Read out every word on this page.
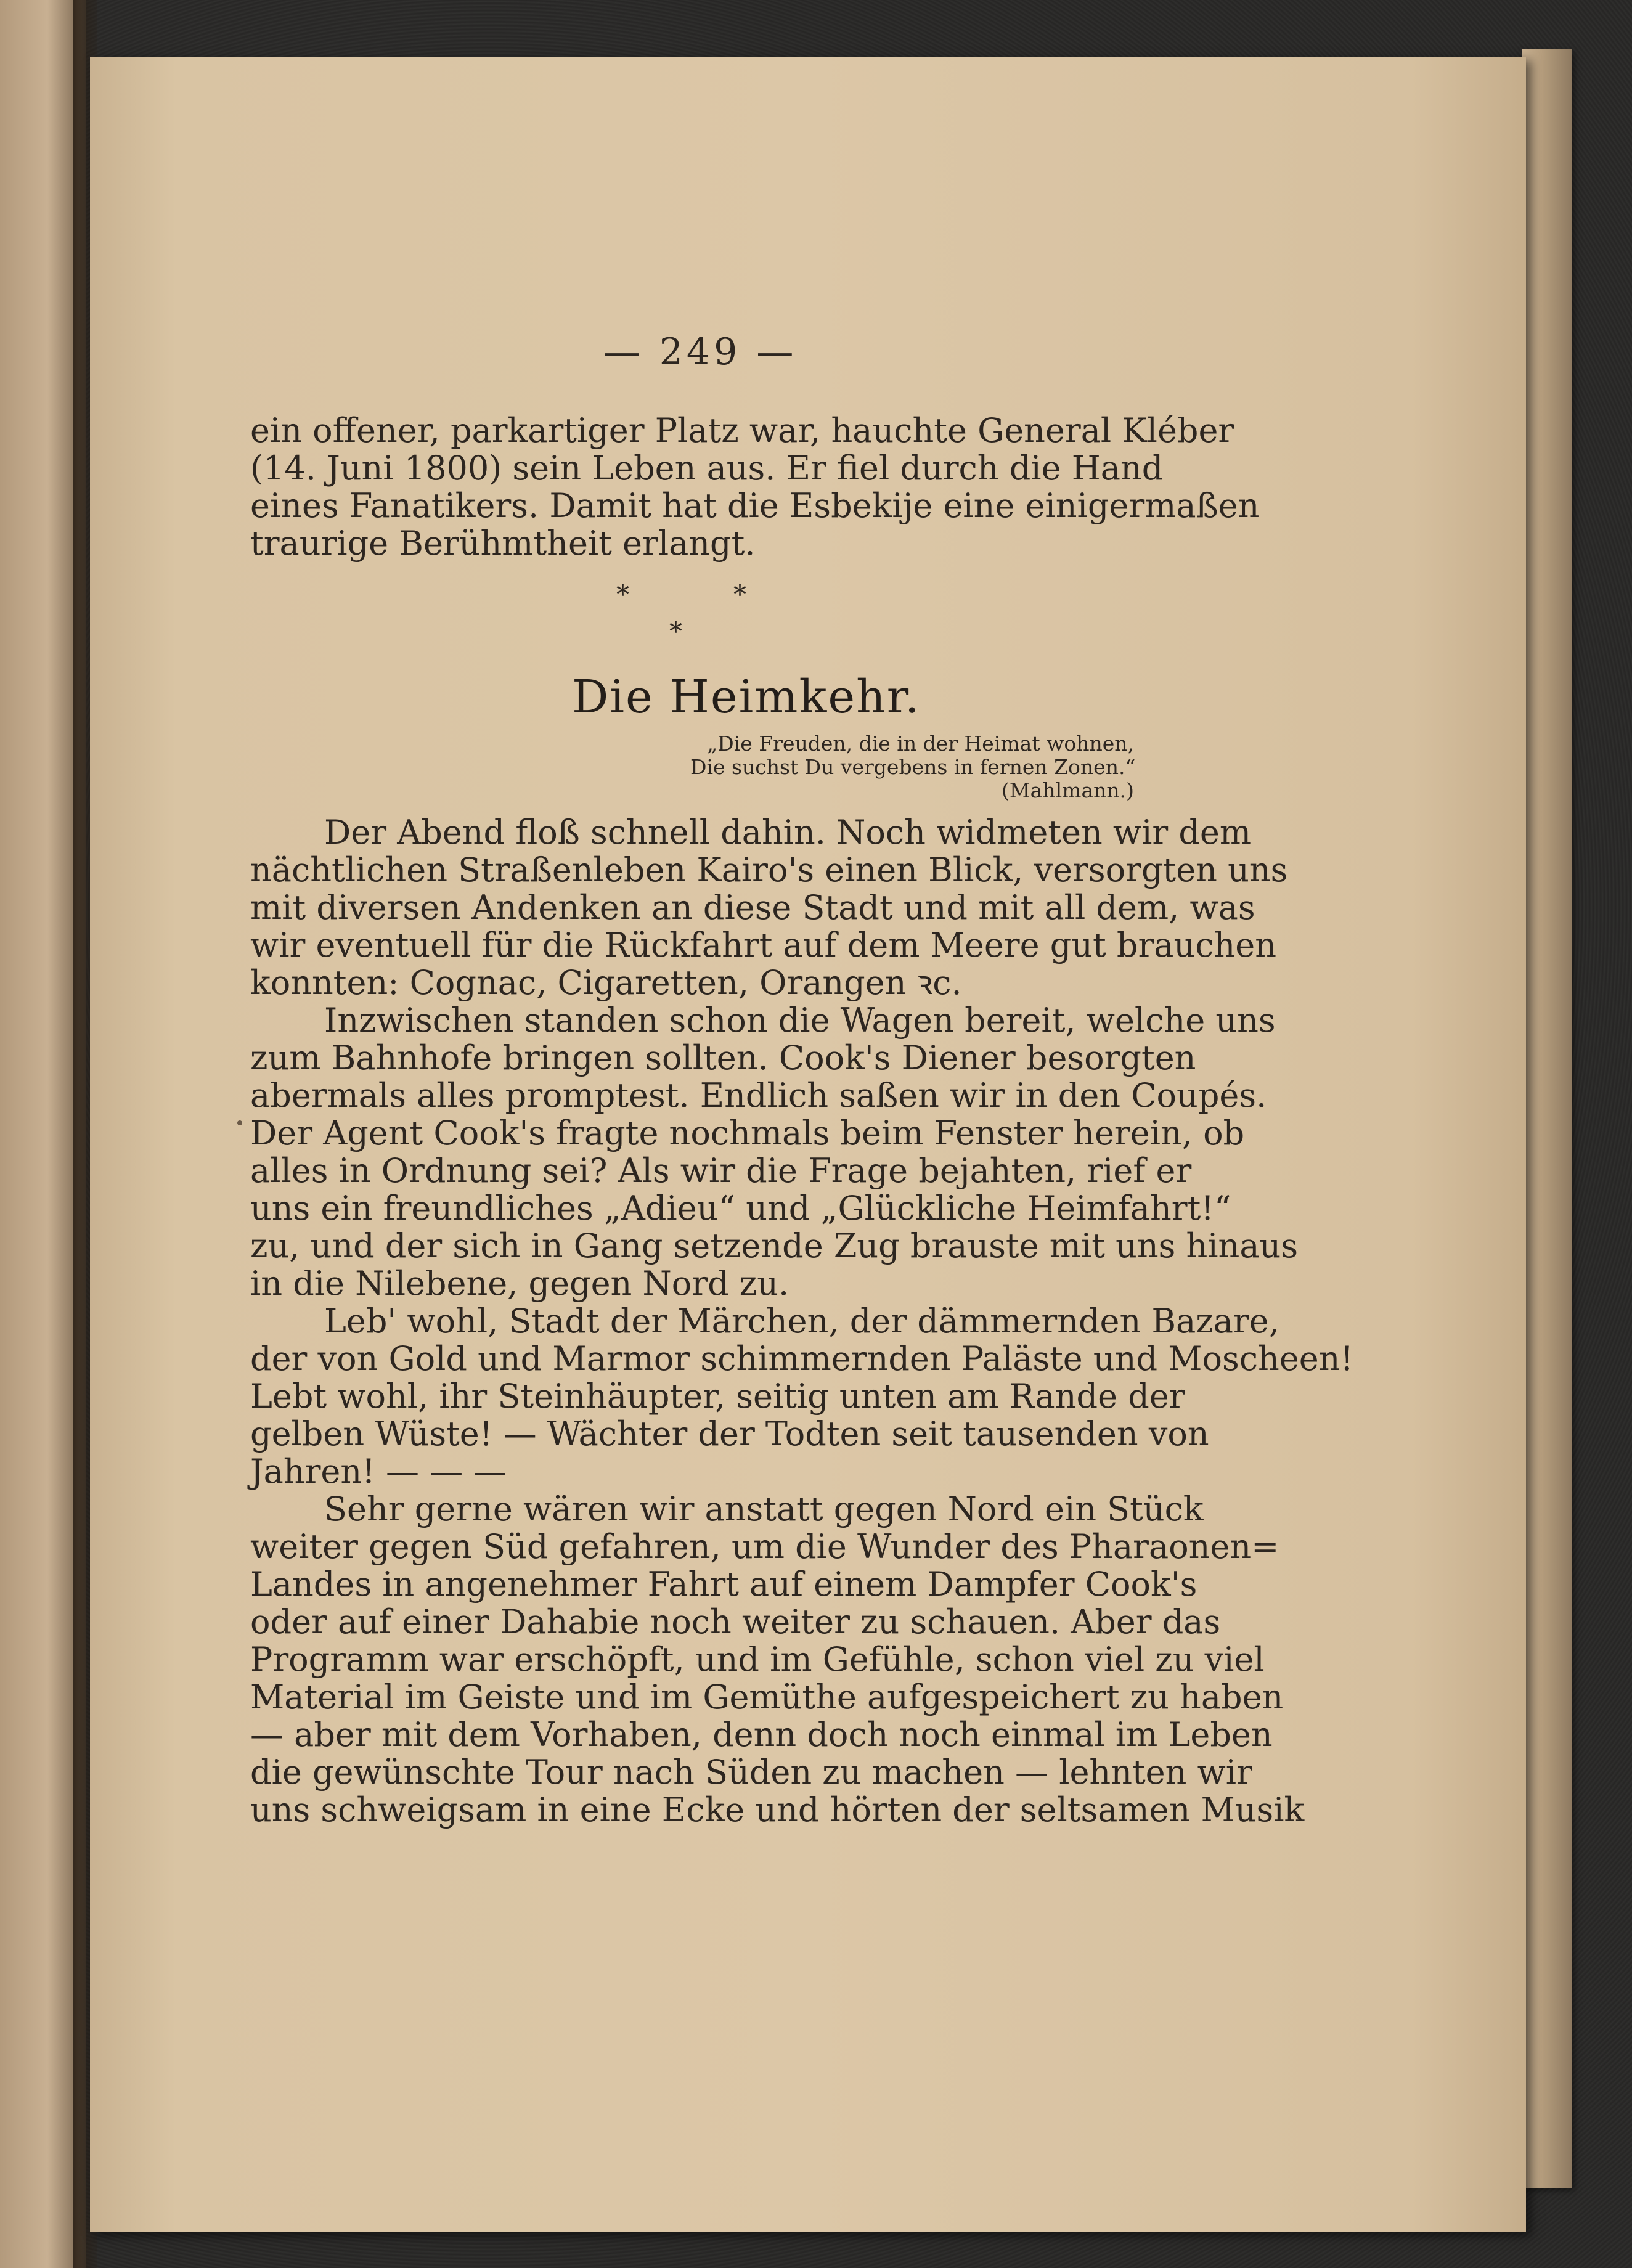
— 249 —
ein offener, parkartiger Platz war, hauchte General Kléber
(14. Juni 1800) sein Leben aus. Er fiel durch die Hand
eines Fanatikers. Damit hat die Esbekije eine einigermaßen
traurige Berühmtheit erlangt.
*
*
*
Die Heimkehr.
„Die Freuden, die in der Heimat wohnen,
Die suchst Du vergebens in fernen Zonen.“
(Mahlmann.)
Der Abend floß schnell dahin. Noch widmeten wir dem
nächtlichen Straßenleben Kairo's einen Blick, versorgten uns
mit diversen Andenken an diese Stadt und mit all dem, was
wir eventuell für die Rückfahrt auf dem Meere gut brauchen
konnten: Cognac, Cigaretten, Orangen ꝛc.
Inzwischen standen schon die Wagen bereit, welche uns
zum Bahnhofe bringen sollten. Cook's Diener besorgten
abermals alles promptest. Endlich saßen wir in den Coupés.
Der Agent Cook's fragte nochmals beim Fenster herein, ob
alles in Ordnung sei? Als wir die Frage bejahten, rief er
uns ein freundliches „Adieu“ und „Glückliche Heimfahrt!“
zu, und der sich in Gang setzende Zug brauste mit uns hinaus
in die Nilebene, gegen Nord zu.
Leb' wohl, Stadt der Märchen, der dämmernden Bazare,
der von Gold und Marmor schimmernden Paläste und Moscheen!
Lebt wohl, ihr Steinhäupter, seitig unten am Rande der
gelben Wüste! — Wächter der Todten seit tausenden von
Jahren! — — —
Sehr gerne wären wir anstatt gegen Nord ein Stück
weiter gegen Süd gefahren, um die Wunder des Pharaonen=
Landes in angenehmer Fahrt auf einem Dampfer Cook's
oder auf einer Dahabie noch weiter zu schauen. Aber das
Programm war erschöpft, und im Gefühle, schon viel zu viel
Material im Geiste und im Gemüthe aufgespeichert zu haben
— aber mit dem Vorhaben, denn doch noch einmal im Leben
die gewünschte Tour nach Süden zu machen — lehnten wir
uns schweigsam in eine Ecke und hörten der seltsamen Musik
